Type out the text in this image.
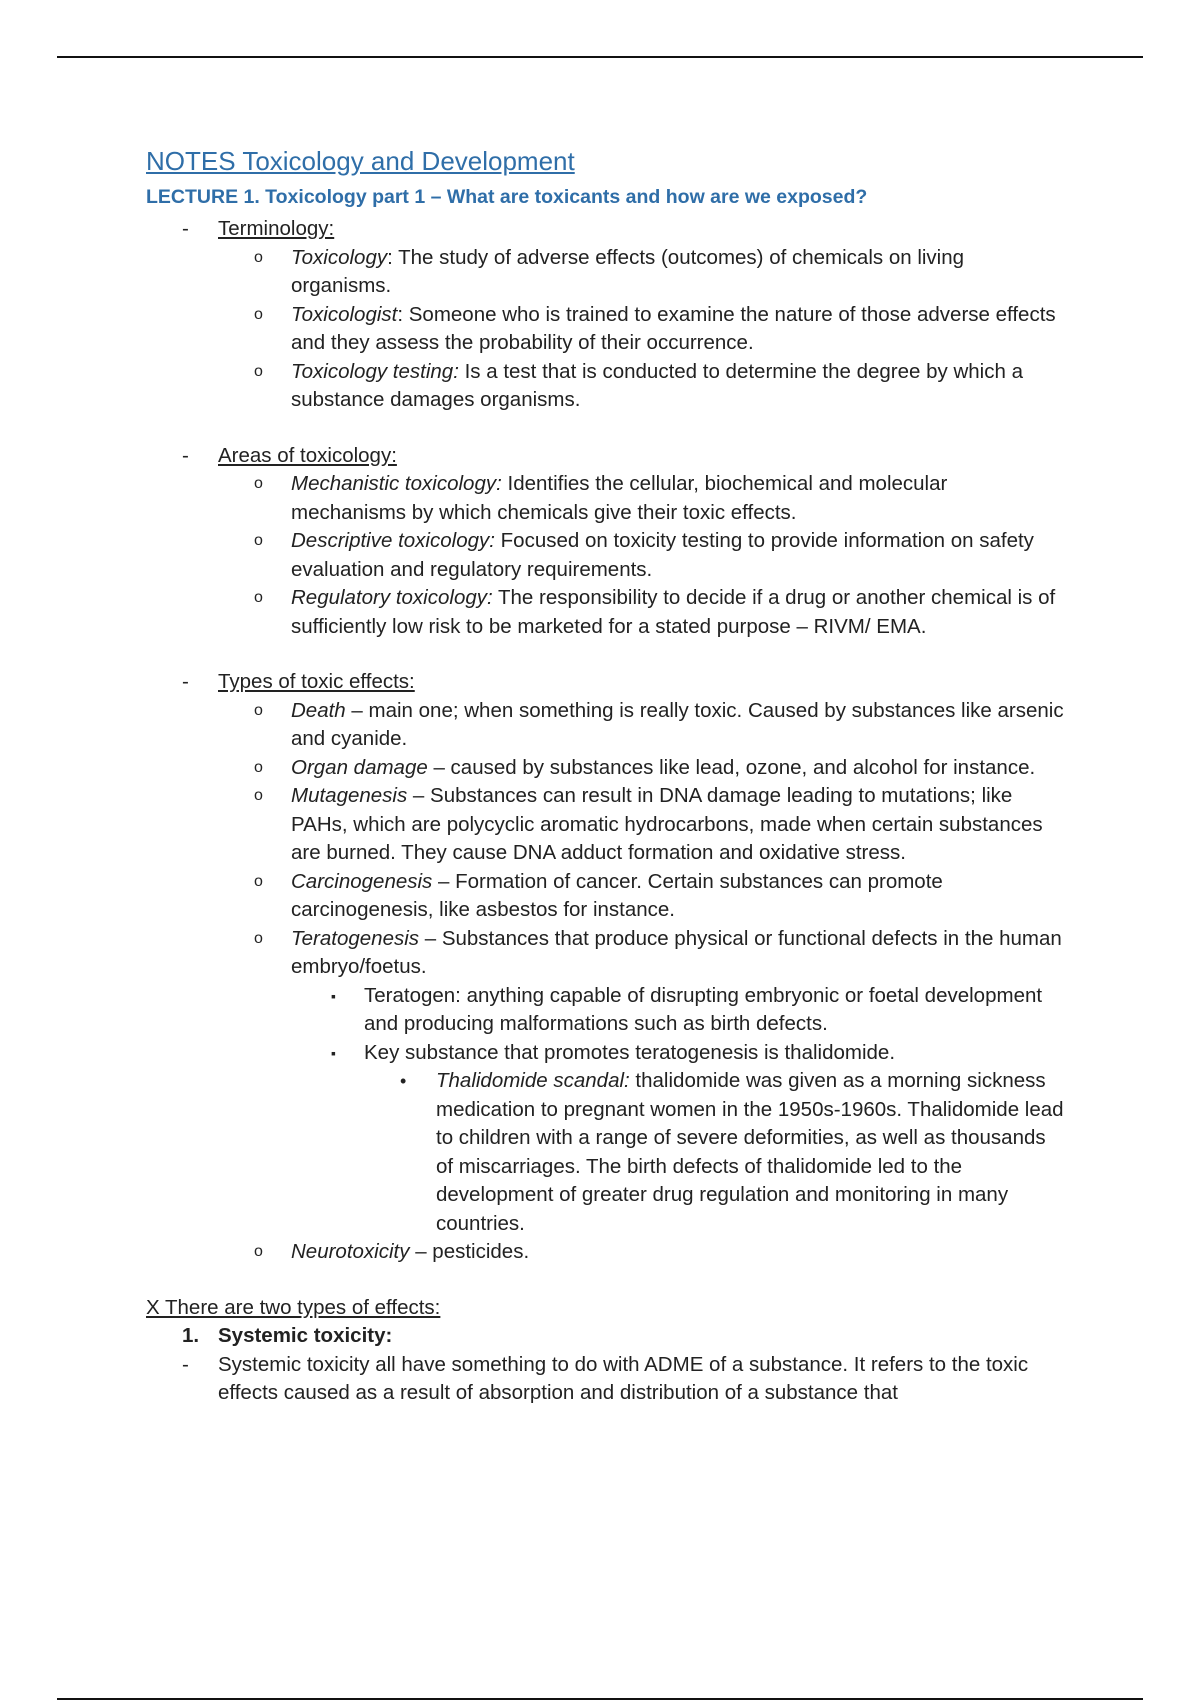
NOTES Toxicology and Development
LECTURE 1. Toxicology part 1 – What are toxicants and how are we exposed?
-	Terminology:
o Toxicology: The study of adverse effects (outcomes) of chemicals on living organisms.
o Toxicologist: Someone who is trained to examine the nature of those adverse effects and they assess the probability of their occurrence.
o Toxicology testing: Is a test that is conducted to determine the degree by which a substance damages organisms.
-	Areas of toxicology:
o Mechanistic toxicology: Identifies the cellular, biochemical and molecular mechanisms by which chemicals give their toxic effects.
o Descriptive toxicology: Focused on toxicity testing to provide information on safety evaluation and regulatory requirements.
o Regulatory toxicology: The responsibility to decide if a drug or another chemical is of sufficiently low risk to be marketed for a stated purpose – RIVM/ EMA.
-	Types of toxic effects:
o Death – main one; when something is really toxic. Caused by substances like arsenic and cyanide.
o Organ damage – caused by substances like lead, ozone, and alcohol for instance.
o Mutagenesis – Substances can result in DNA damage leading to mutations; like PAHs, which are polycyclic aromatic hydrocarbons, made when certain substances are burned. They cause DNA adduct formation and oxidative stress.
o Carcinogenesis – Formation of cancer. Certain substances can promote carcinogenesis, like asbestos for instance.
o Teratogenesis – Substances that produce physical or functional defects in the human embryo/foetus.
▪ Teratogen: anything capable of disrupting embryonic or foetal development and producing malformations such as birth defects.
▪ Key substance that promotes teratogenesis is thalidomide.
• Thalidomide scandal: thalidomide was given as a morning sickness medication to pregnant women in the 1950s-1960s. Thalidomide lead to children with a range of severe deformities, as well as thousands of miscarriages. The birth defects of thalidomide led to the development of greater drug regulation and monitoring in many countries.
o Neurotoxicity – pesticides.
X There are two types of effects:
1. Systemic toxicity:
-	Systemic toxicity all have something to do with ADME of a substance. It refers to the toxic effects caused as a result of absorption and distribution of a substance that
